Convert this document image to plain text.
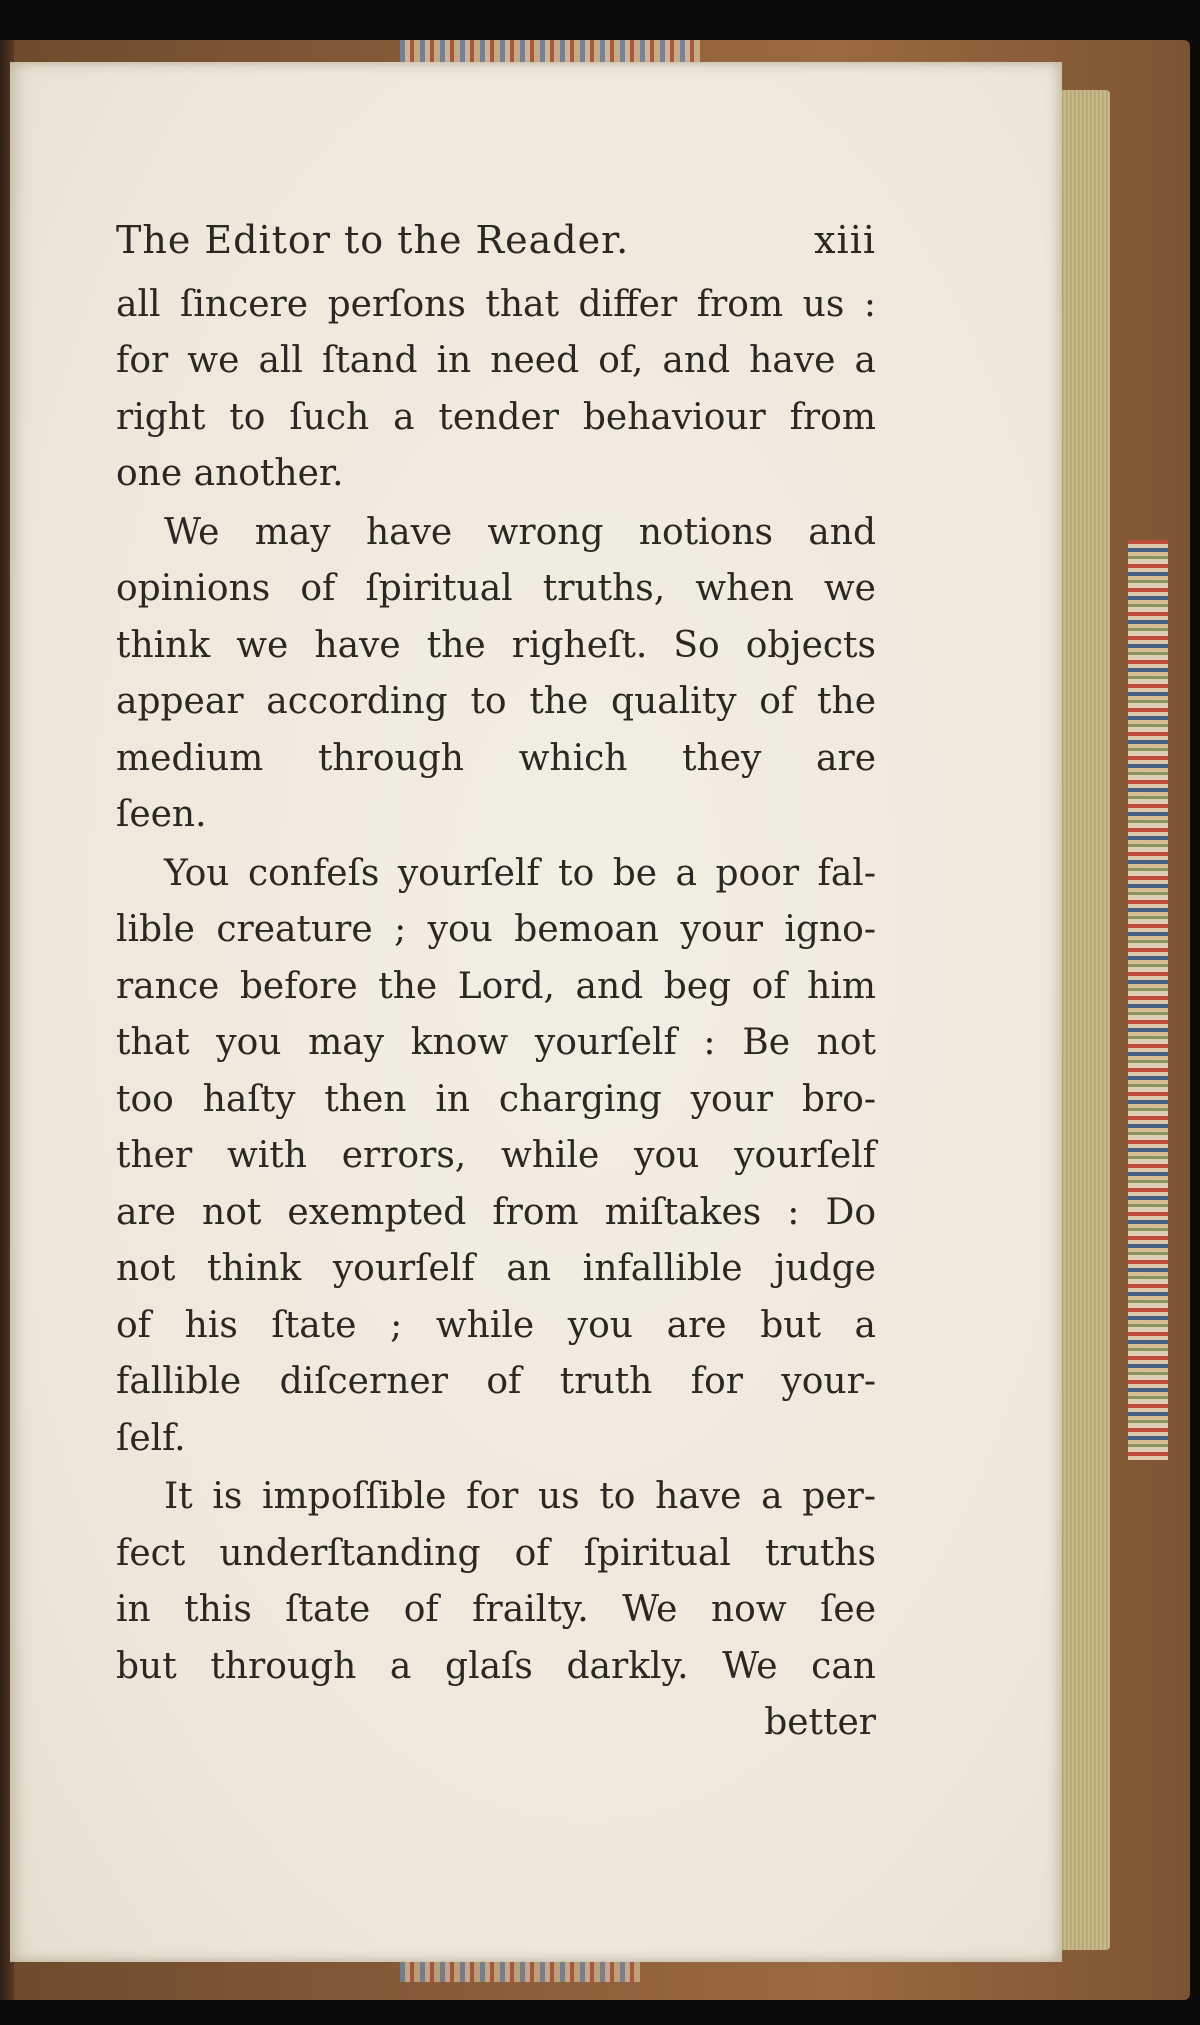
The Editor to the Reader.	xiii
all ſincere perſons that differ from us :
for we all ſtand in need of, and have a
right to ſuch a tender behaviour from
one another.
We may have wrong notions and
opinions of ſpiritual truths, when we
think we have the righeſt. So objects
appear according to the quality of the
medium through which they are
ſeen.
You confeſs yourſelf to be a poor fal-
lible creature ; you bemoan your igno-
rance before the Lord, and beg of him
that you may know yourſelf : Be not
too haſty then in charging your bro-
ther with errors, while you yourſelf
are not exempted from miſtakes : Do
not think yourſelf an infallible judge
of his ſtate ; while you are but a
fallible diſcerner of truth for your-
ſelf.
It is impoſſible for us to have a per-
fect underſtanding of ſpiritual truths
in this ſtate of frailty. We now ſee
but through a glaſs darkly. We can
better
